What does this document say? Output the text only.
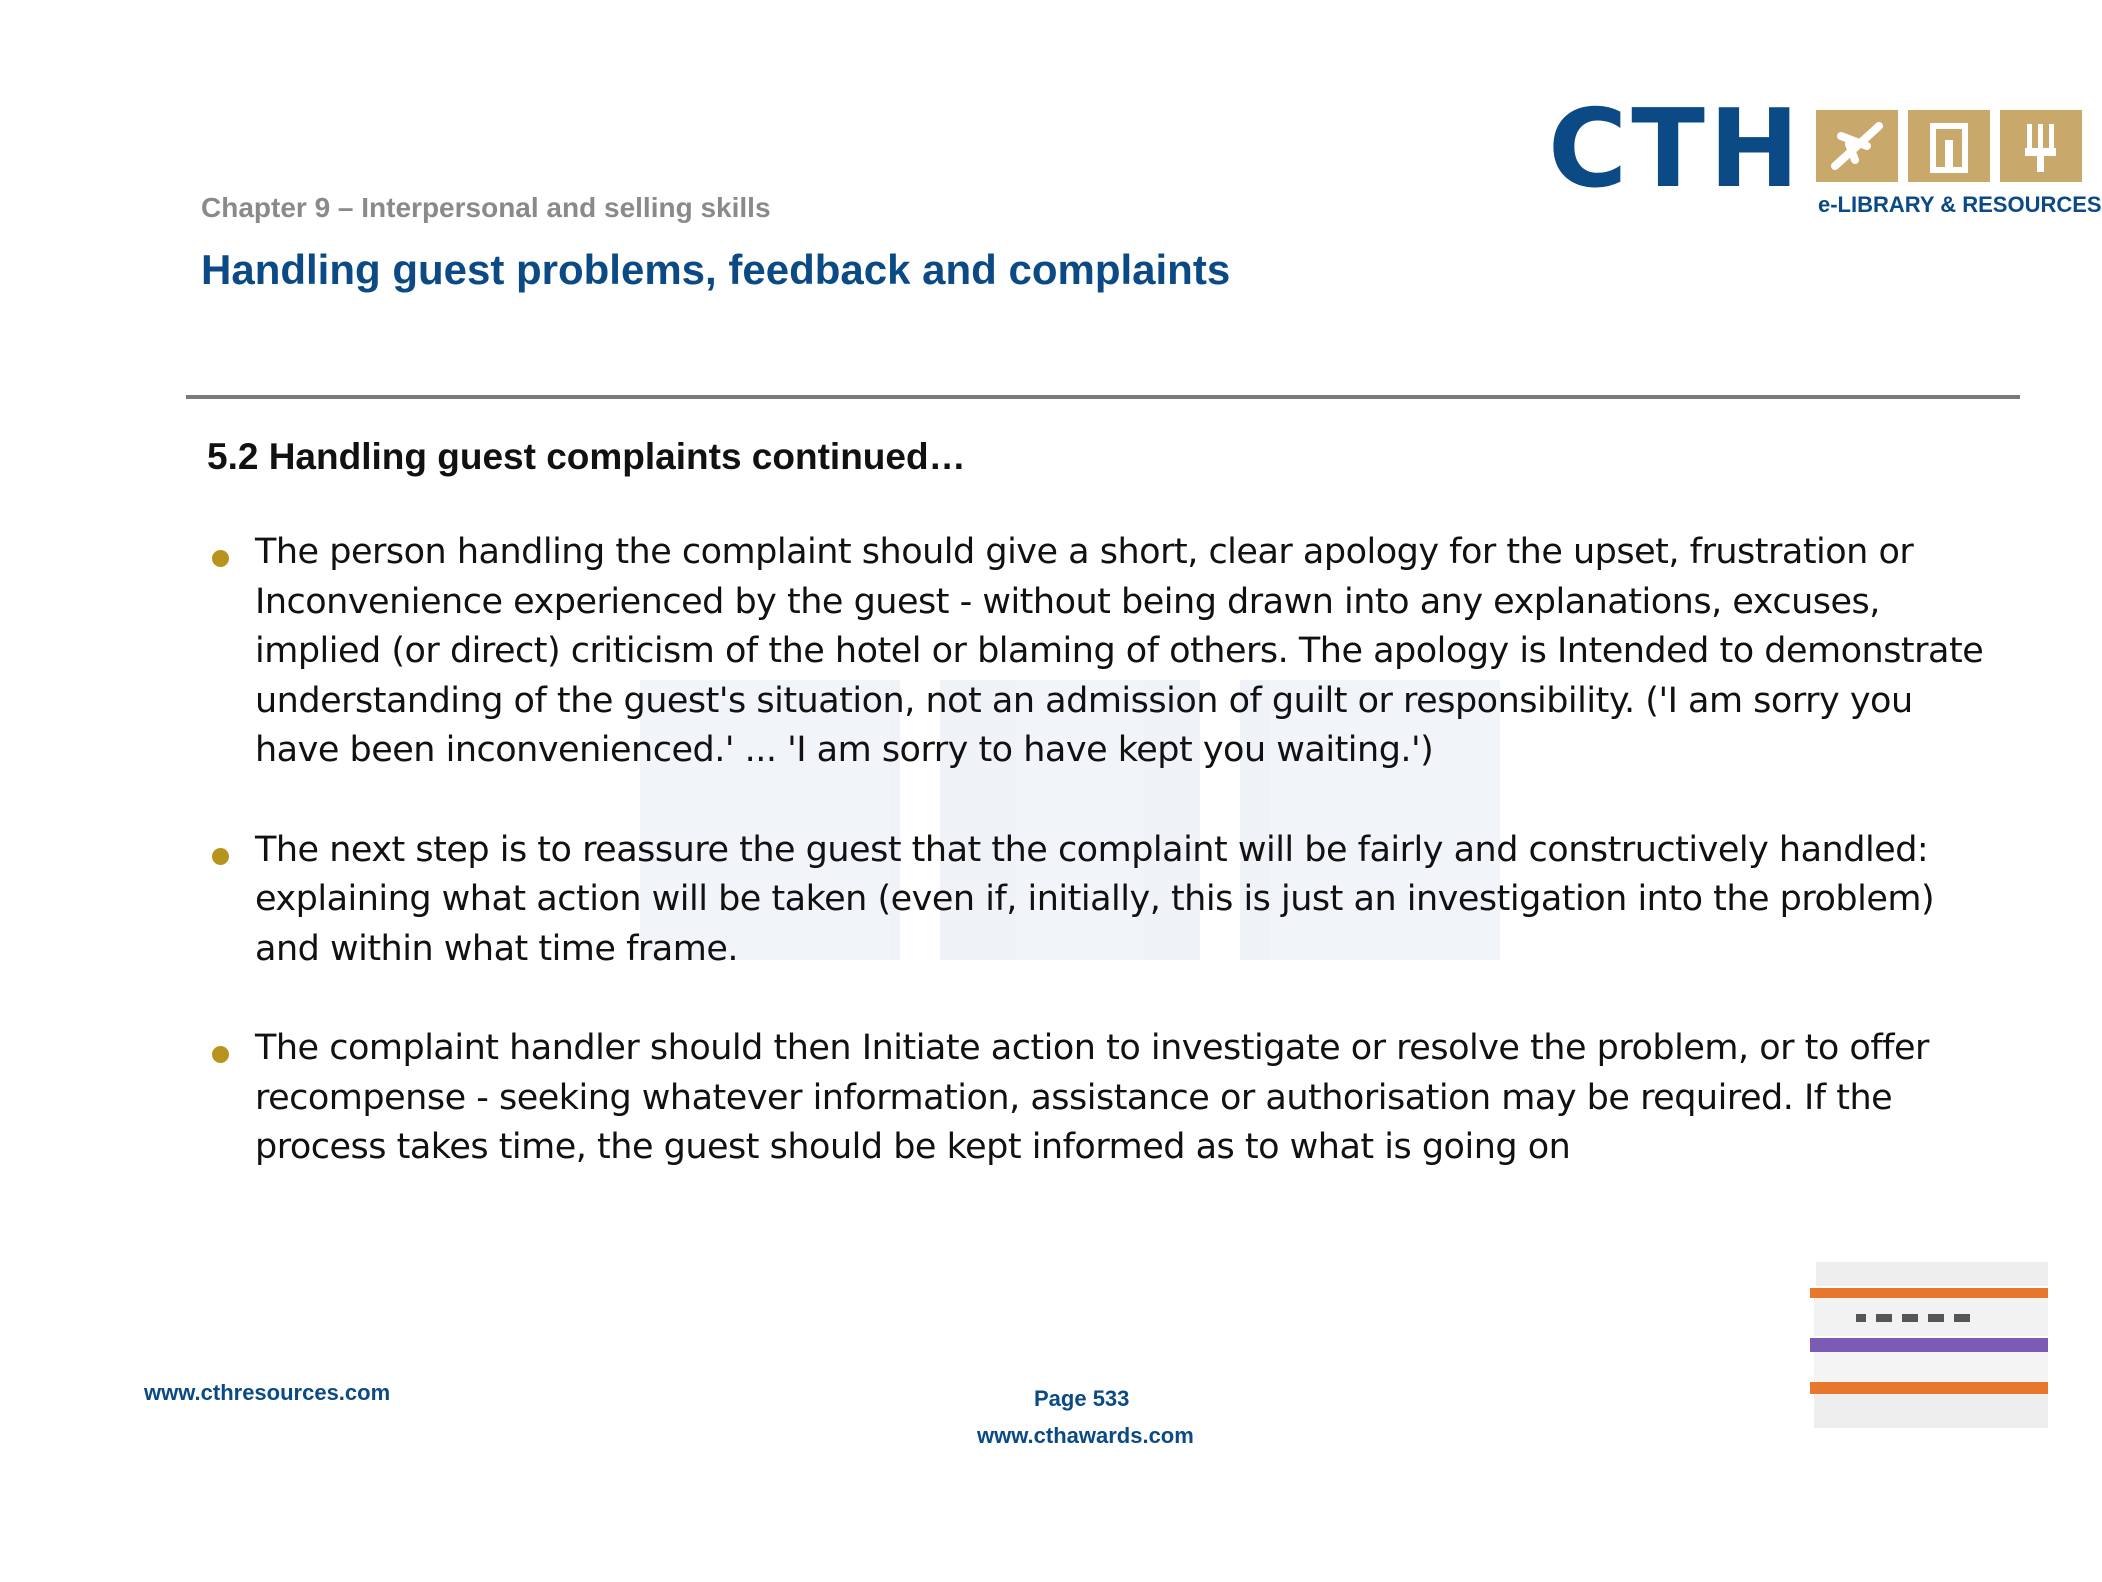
CTH e-LIBRARY & RESOURCES
Chapter 9 – Interpersonal and selling skills
Handling guest problems, feedback and complaints
5.2 Handling guest complaints continued…
The person handling the complaint should give a short, clear apology for the upset, frustration or Inconvenience experienced by the guest - without being drawn into any explanations, excuses, implied (or direct) criticism of the hotel or blaming of others. The apology is Intended to demonstrate understanding of the guest's situation, not an admission of guilt or responsibility. ('I am sorry you have been inconvenienced.' ... 'I am sorry to have kept you waiting.')
The next step is to reassure the guest that the complaint will be fairly and constructively handled: explaining what action will be taken (even if, initially, this is just an investigation into the problem) and within what time frame.
The complaint handler should then Initiate action to investigate or resolve the problem, or to offer recompense - seeking whatever information, assistance or authorisation may be required. If the process takes time, the guest should be kept informed as to what is going on
www.cthresources.com	Page 533
www.cthawards.com
